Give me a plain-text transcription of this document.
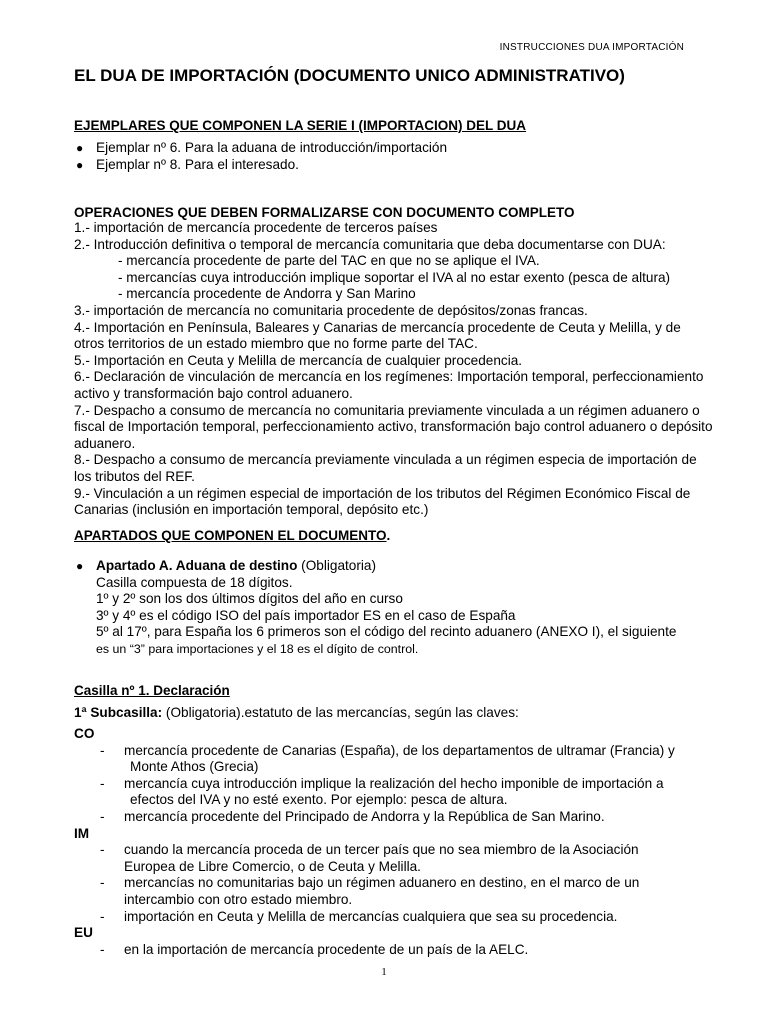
INSTRUCCIONES DUA IMPORTACIÓN
EL DUA DE IMPORTACIÓN (DOCUMENTO UNICO ADMINISTRATIVO)
EJEMPLARES QUE COMPONEN LA SERIE I (IMPORTACION) DEL DUA
● Ejemplar nº 6. Para la aduana de introducción/importación
● Ejemplar nº 8. Para el interesado.
OPERACIONES QUE DEBEN FORMALIZARSE CON DOCUMENTO COMPLETO
1.- importación de mercancía procedente de terceros países
2.- Introducción definitiva o temporal de mercancía comunitaria que deba documentarse con DUA:
- mercancía procedente de parte del TAC en que no se aplique el IVA.
- mercancías cuya introducción implique soportar el IVA al no estar exento (pesca de altura)
- mercancía procedente de Andorra y San Marino
3.- importación de mercancía no comunitaria procedente de depósitos/zonas francas.
4.- Importación en Península, Baleares y Canarias de mercancía procedente de Ceuta y Melilla, y de otros territorios de un estado miembro que no forme parte del TAC.
5.- Importación en Ceuta y Melilla de mercancía de cualquier procedencia.
6.- Declaración de vinculación de mercancía en los regímenes: Importación temporal, perfeccionamiento activo y transformación bajo control aduanero.
7.- Despacho a consumo de mercancía no comunitaria previamente vinculada a un régimen aduanero o fiscal de Importación temporal, perfeccionamiento activo, transformación bajo control aduanero o depósito aduanero.
8.- Despacho a consumo de mercancía previamente vinculada a un régimen especia de importación de los tributos del REF.
9.- Vinculación a un régimen especial de importación de los tributos del Régimen Económico Fiscal de Canarias (inclusión en importación temporal, depósito etc.)
APARTADOS QUE COMPONEN EL DOCUMENTO.
● Apartado A. Aduana de destino (Obligatoria)
Casilla compuesta de 18 dígitos.
1º y 2º son los dos últimos dígitos del año en curso
3º y 4º es el código ISO del país importador ES en el caso de España
5º al 17º, para España los 6 primeros son el código del recinto aduanero (ANEXO I), el siguiente
es un “3” para importaciones y el 18 es el dígito de control.
Casilla nº 1. Declaración
1ª Subcasilla: (Obligatoria).estatuto de las mercancías, según las claves:
CO
- mercancía procedente de Canarias (España), de los departamentos de ultramar (Francia) y
Monte Athos (Grecia)
- mercancía cuya introducción implique la realización del hecho imponible de importación a
efectos del IVA y no esté exento. Por ejemplo: pesca de altura.
- mercancía procedente del Principado de Andorra y la República de San Marino.
IM
- cuando la mercancía proceda de un tercer país que no sea miembro de la Asociación
Europea de Libre Comercio, o de Ceuta y Melilla.
- mercancías no comunitarias bajo un régimen aduanero en destino, en el marco de un
intercambio con otro estado miembro.
- importación en Ceuta y Melilla de mercancías cualquiera que sea su procedencia.
EU
- en la importación de mercancía procedente de un país de la AELC.
1
